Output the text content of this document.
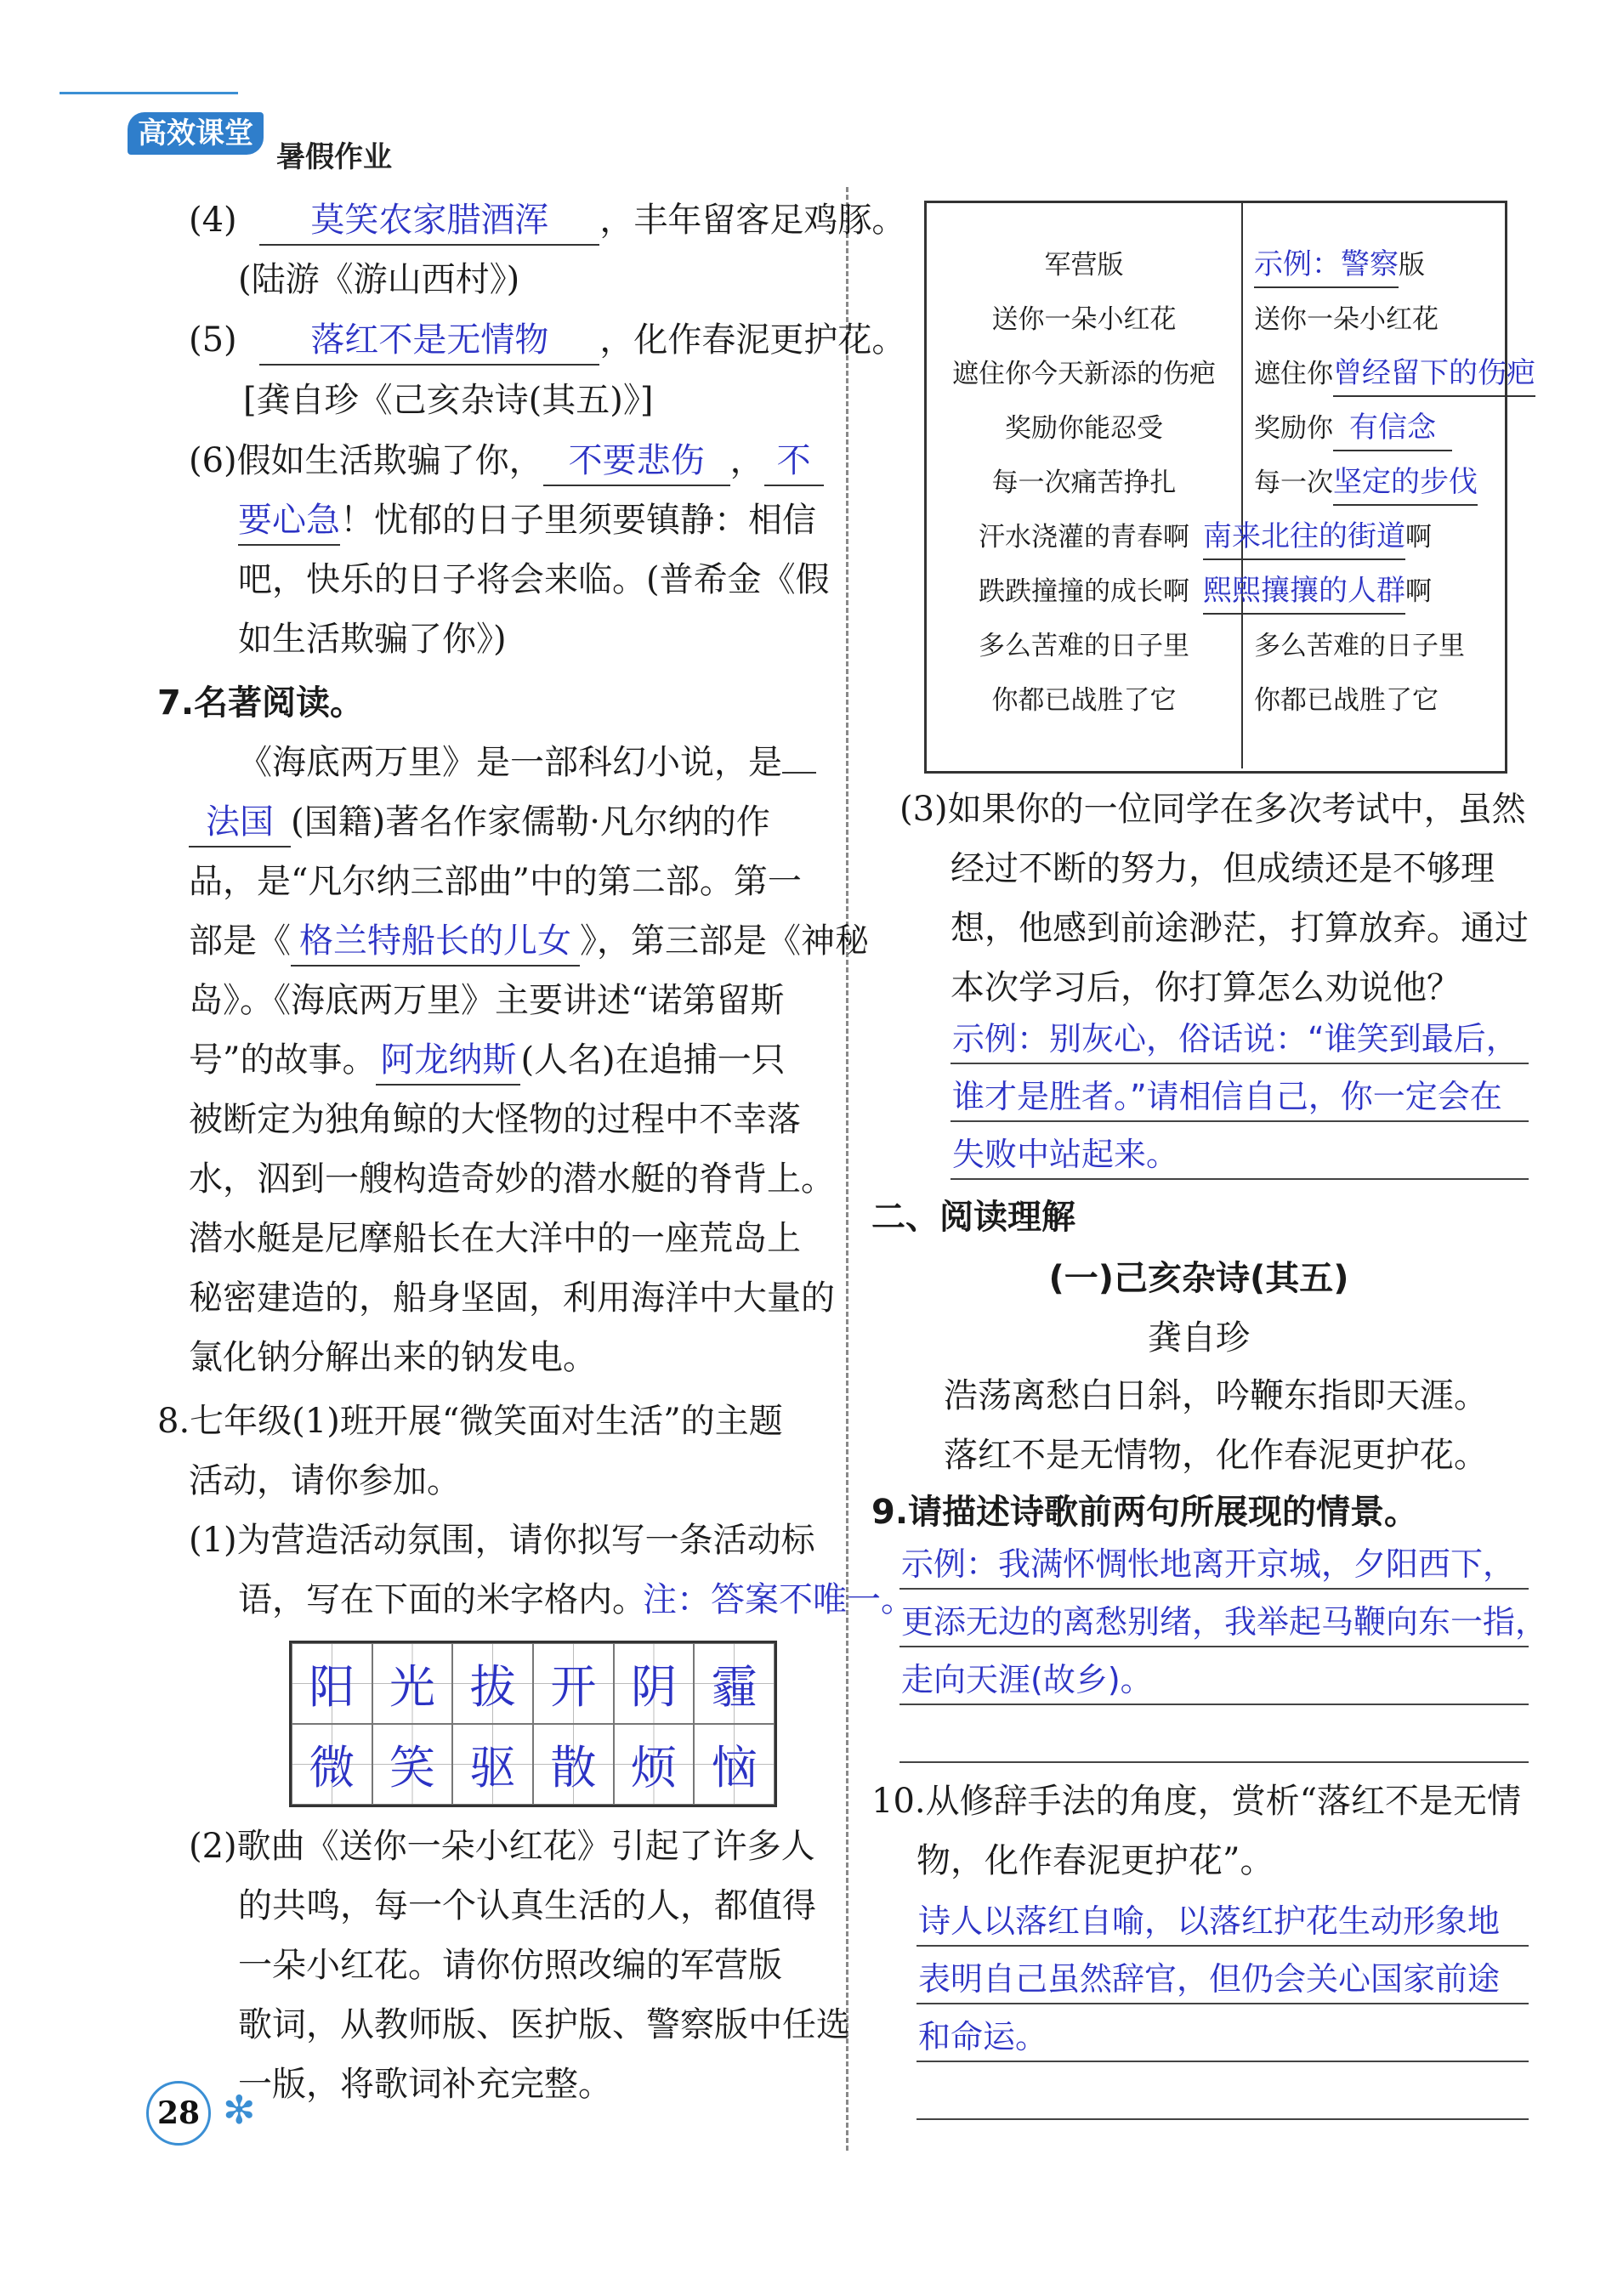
高效课堂
暑假作业
(4) 莫笑农家腊酒浑 ，丰年留客足鸡豚。
(陆游《游山西村》)
(5) 落红不是无情物 ，化作春泥更护花。
[龚自珍《己亥杂诗(其五)》]
(6)假如生活欺骗了你， 不要悲伤 ， 不
要心急！忧郁的日子里须要镇静：相信
吧，快乐的日子将会来临。(普希金《假
如生活欺骗了你》)
7.名著阅读。
《海底两万里》是一部科幻小说，是
法国 (国籍)著名作家儒勒·凡尔纳的作
品，是“凡尔纳三部曲”中的第二部。第一
部是《 格兰特船长的儿女 》，第三部是《神秘
岛》。《海底两万里》主要讲述“诺第留斯
号”的故事。 阿龙纳斯 (人名)在追捕一只
被断定为独角鲸的大怪物的过程中不幸落
水，泅到一艘构造奇妙的潜水艇的脊背上。
潜水艇是尼摩船长在大洋中的一座荒岛上
秘密建造的，船身坚固，利用海洋中大量的
氯化钠分解出来的钠发电。
8.七年级(1)班开展“微笑面对生活”的主题
活动，请你参加。
(1)为营造活动氛围，请你拟写一条活动标
语，写在下面的米字格内。注：答案不唯一。
阳 光 拔 开 阴 霾
微 笑 驱 散 烦 恼
(2)歌曲《送你一朵小红花》引起了许多人
的共鸣，每一个认真生活的人，都值得
一朵小红花。请你仿照改编的军营版
歌词，从教师版、医护版、警察版中任选
一版，将歌词补充完整。
28 ✻
军营版
送你一朵小红花
遮住你今天新添的伤疤
奖励你能忍受
每一次痛苦挣扎
汗水浇灌的青春啊
跌跌撞撞的成长啊
多么苦难的日子里
你都已战胜了它
示例：警察版
送你一朵小红花
遮住你曾经留下的伤疤
奖励你 有信念
每一次坚定的步伐
南来北往的街道啊
熙熙攘攘的人群啊
多么苦难的日子里
你都已战胜了它
(3)如果你的一位同学在多次考试中，虽然
经过不断的努力，但成绩还是不够理
想，他感到前途渺茫，打算放弃。通过
本次学习后，你打算怎么劝说他？
示例：别灰心，俗话说：“谁笑到最后，
谁才是胜者。”请相信自己，你一定会在
失败中站起来。
二、阅读理解
(一)己亥杂诗(其五)
龚自珍
浩荡离愁白日斜，吟鞭东指即天涯。
落红不是无情物，化作春泥更护花。
9.请描述诗歌前两句所展现的情景。
示例：我满怀惆怅地离开京城，夕阳西下，
更添无边的离愁别绪，我举起马鞭向东一指，
走向天涯(故乡)。
10.从修辞手法的角度，赏析“落红不是无情
物，化作春泥更护花”。
诗人以落红自喻，以落红护花生动形象地
表明自己虽然辞官，但仍会关心国家前途
和命运。
